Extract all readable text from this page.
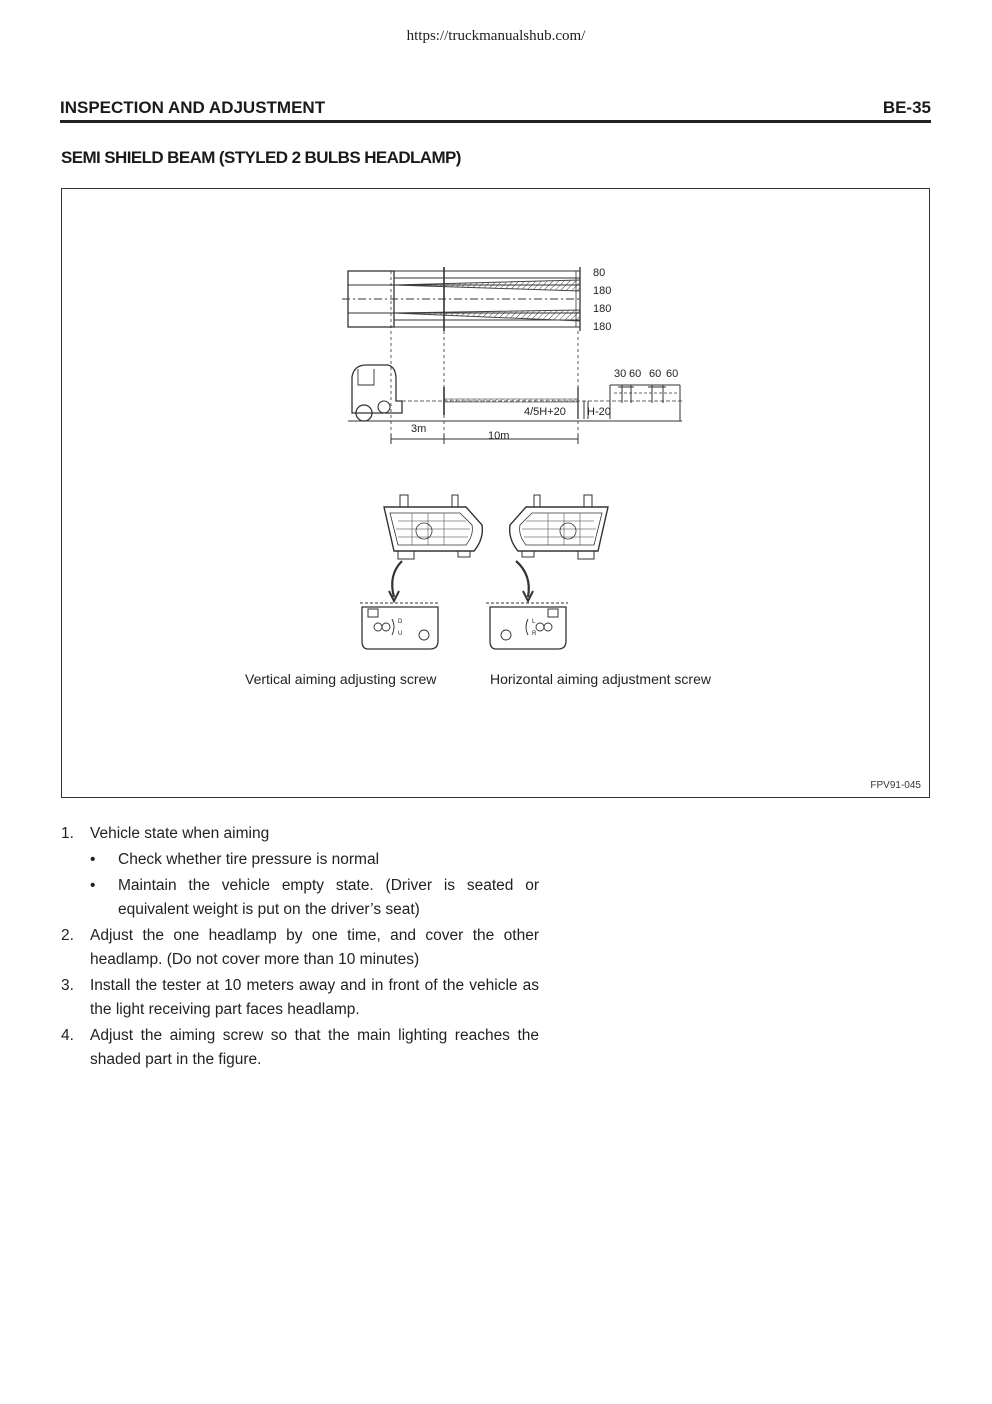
https://truckmanualshub.com/
INSPECTION AND ADJUSTMENT	BE-35
SEMI SHIELD BEAM (STYLED 2 BULBS HEADLAMP)
80
180
180
180
30 60 60 60
4/5H+20 H-20
3m
10m
D
U
L
R
Vertical aiming adjusting screw	Horizontal aiming adjustment screw
FPV91-045
1. Vehicle state when aiming
• Check whether tire pressure is normal
• Maintain the vehicle empty state. (Driver is seated or equivalent weight is put on the driver’s seat)
2. Adjust the one headlamp by one time, and cover the other headlamp. (Do not cover more than 10 minutes)
3. Install the tester at 10 meters away and in front of the vehicle as the light receiving part faces headlamp.
4. Adjust the aiming screw so that the main lighting reaches the shaded part in the figure.
